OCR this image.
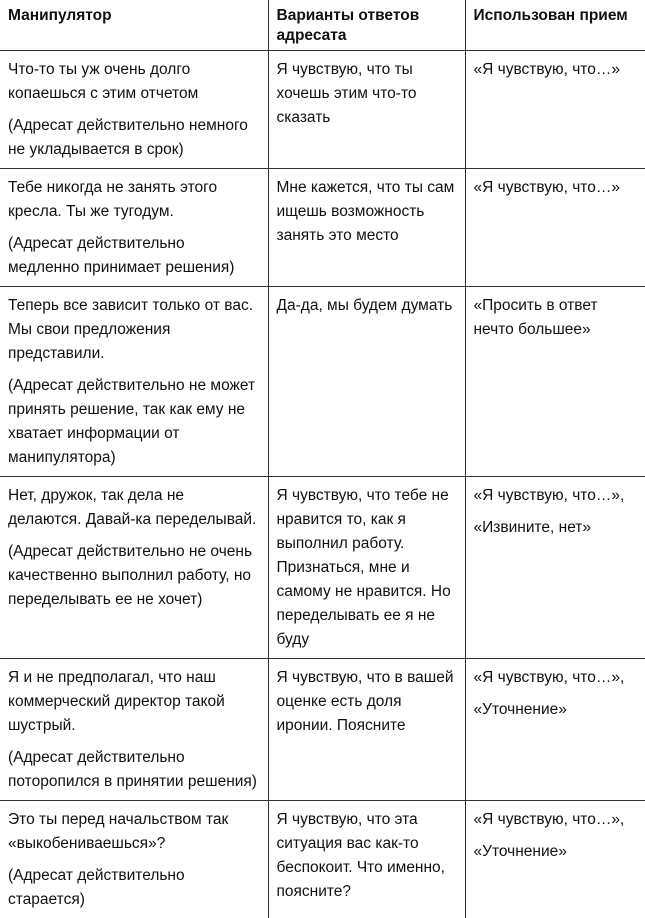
Манипулятор	Варианты ответов адресата	Использован прием

Что-то ты уж очень долго копаешься с этим отчетом
(Адресат действительно немного не укладывается в срок)	Я чувствую, что ты хочешь этим что-то сказать	«Я чувствую, что…»

Тебе никогда не занять этого кресла. Ты же тугодум.
(Адресат действительно медленно принимает решения)	Мне кажется, что ты сам ищешь возможность занять это место	«Я чувствую, что…»

Теперь все зависит только от вас. Мы свои предложения представили.
(Адресат действительно не может принять решение, так как ему не хватает информации от манипулятора)	Да-да, мы будем думать	«Просить в ответ нечто большее»

Нет, дружок, так дела не делаются. Давай-ка переделывай.
(Адресат действительно не очень качественно выполнил работу, но переделывать ее не хочет)	Я чувствую, что тебе не нравится то, как я выполнил работу. Признаться, мне и самому не нравится. Но переделывать ее я не буду	«Я чувствую, что…»,
«Извините, нет»

Я и не предполагал, что наш коммерческий директор такой шустрый.
(Адресат действительно поторопился в принятии решения)	Я чувствую, что в вашей оценке есть доля иронии. Поясните	«Я чувствую, что…»,
«Уточнение»

Это ты перед начальством так «выкобениваешься»?
(Адресат действительно старается)	Я чувствую, что эта ситуация вас как-то беспокоит. Что именно, поясните?	«Я чувствую, что…»,
«Уточнение»
